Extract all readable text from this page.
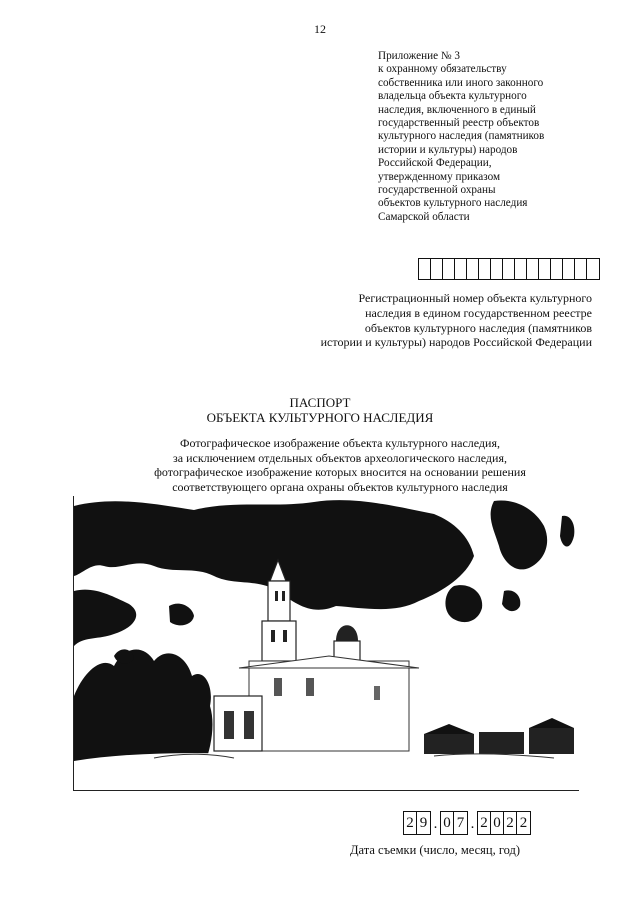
12
Приложение № 3
к охранному обязательству
собственника или иного законного
владельца объекта культурного
наследия, включенного в единый
государственный реестр объектов
культурного наследия (памятников
истории и культуры) народов
Российской Федерации,
утвержденному приказом
государственной охраны
объектов культурного наследия
Самарской области
Регистрационный номер объекта культурного
наследия в едином государственном реестре
объектов культурного наследия (памятников
истории и культуры) народов Российской Федерации
ПАСПОРТ
ОБЪЕКТА КУЛЬТУРНОГО НАСЛЕДИЯ
Фотографическое изображение объекта культурного наследия,
за исключением отдельных объектов археологического наследия,
фотографическое изображение которых вносится на основании решения
соответствующего органа охраны объектов культурного наследия
2 9 . 0 7 . 2 0 2 2
Дата съемки (число, месяц, год)
